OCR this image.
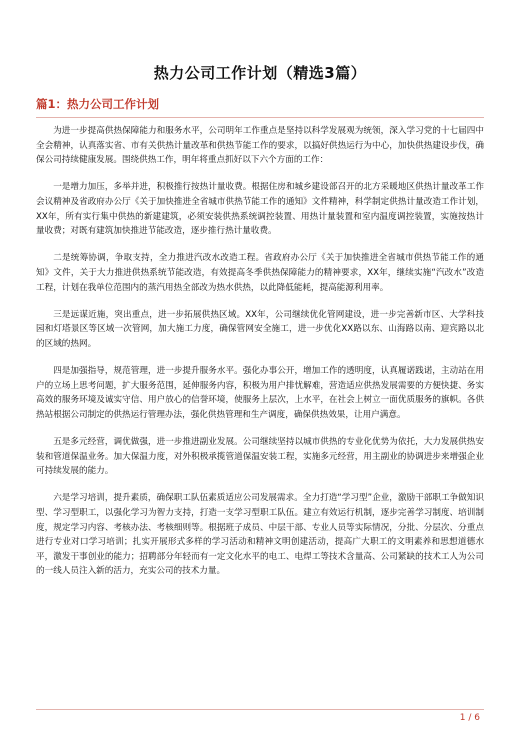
热力公司工作计划（精选3篇）
篇1：热力公司工作计划

为进一步提高供热保障能力和服务水平，公司明年工作重点是坚持以科学发展观为统领，深入学习党的十七届四中全会精神，认真落实省、市有关供热计量改革和供热节能工作的要求，以搞好供热运行为中心，加快供热建设步伐，确保公司持续健康发展。围绕供热工作，明年将重点抓好以下六个方面的工作：

一是增力加压，多举并进，积极推行按热计量收费。根据住房和城乡建设部召开的北方采暖地区供热计量改革工作会议精神及省政府办公厅《关于加快推进全省城市供热节能工作的通知》文件精神，科学制定供热计量改造工作计划，XX年，所有实行集中供热的新建建筑，必须安装供热系统调控装置、用热计量装置和室内温度调控装置，实施按热计量收费；对既有建筑加快推进节能改造，逐步推行热计量收费。

二是统筹协调，争取支持，全力推进汽改水改造工程。省政府办公厅《关于加快推进全省城市供热节能工作的通知》文件，关于大力推进供热系统节能改造，有效提高冬季供热保障能力的精神要求，XX年，继续实施“汽改水”改造工程，计划在我单位范围内的蒸汽用热全部改为热水供热，以此降低能耗，提高能源利用率。

三是远谋近施，突出重点，进一步拓展供热区域。XX年，公司继续优化管网建设，进一步完善新市区、大学科技园和灯塔景区等区域一次管网，加大施工力度，确保管网安全施工，进一步优化XX路以东、山海路以南、迎宾路以北的区域的热网。

四是加强指导，规范管理，进一步提升服务水平。强化办事公开，增加工作的透明度，认真履诺践诺，主动站在用户的立场上思考问题，扩大服务范围，延伸服务内容，积极为用户排忧解难，营造适应供热发展需要的方便快捷、务实高效的服务环境及诚实守信、用户放心的信誉环境，使服务上层次，上水平，在社会上树立一面优质服务的旗帜。各供热站根据公司制定的供热运行管理办法，强化供热管理和生产调度，确保供热效果，让用户满意。

五是多元经营，调优做强，进一步推进副业发展。公司继续坚持以城市供热的专业化优势为依托，大力发展供热安装和管道保温业务。加大保温力度，对外积极承揽管道保温安装工程，实施多元经营，用主副业的协调进步来增强企业可持续发展的能力。

六是学习培训，提升素质，确保职工队伍素质适应公司发展需求。全力打造“学习型”企业，激励干部职工争做知识型、学习型职工，以强化学习为智力支持，打造一支学习型职工队伍。建立有效运行机制，逐步完善学习制度、培训制度，规定学习内容、考核办法、考核细则等。根据班子成员、中层干部、专业人员等实际情况，分批、分层次、分重点进行专业对口学习培训；扎实开展形式多样的学习活动和精神文明创建活动，提高广大职工的文明素养和思想道德水平，激发干事创业的能力；招聘部分年轻而有一定文化水平的电工、电焊工等技术含量高、公司紧缺的技术工人为公司的一线人员注入新的活力，充实公司的技术力量。

1 / 6
